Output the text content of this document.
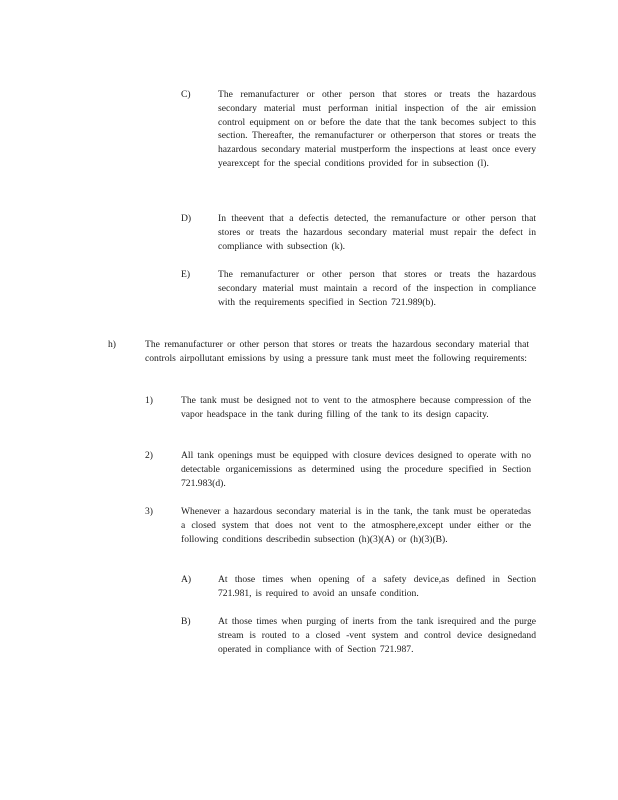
C)	The remanufacturer or other person that stores or treats the hazardous secondary material must performan initial inspection of the air emission control equipment on or before the date that the tank becomes subject to this section. Thereafter, the remanufacturer or otherperson that stores or treats the hazardous secondary material mustperform the inspections at least once every yearexcept for the special conditions provided for in subsection (l).
D)	In theevent that a defectis detected, the remanufacture or other person that stores or treats the hazardous secondary material must repair the defect in compliance with subsection (k).
E)	The remanufacturer or other person that stores or treats the hazardous secondary material must maintain a record of the inspection in compliance with the requirements specified in Section 721.989(b).
h)	The remanufacturer or other person that stores or treats the hazardous secondary material that controls airpollutant emissions by using a pressure tank must meet the following requirements:
1)	The tank must be designed not to vent to the atmosphere because compression of the vapor headspace in the tank during filling of the tank to its design capacity.
2)	All tank openings must be equipped with closure devices designed to operate with no detectable organicemissions as determined using the procedure specified in Section 721.983(d).
3)	Whenever a hazardous secondary material is in the tank, the tank must be operatedas a closed system that does not vent to the atmosphere,except under either or the following conditions describedin subsection (h)(3)(A) or (h)(3)(B).
A)	At those times when opening of a safety device,as defined in Section 721.981, is required to avoid an unsafe condition.
B)	At those times when purging of inerts from the tank isrequired and the purge stream is routed to a closed -vent system and control device designedand operated in compliance with of Section 721.987.
